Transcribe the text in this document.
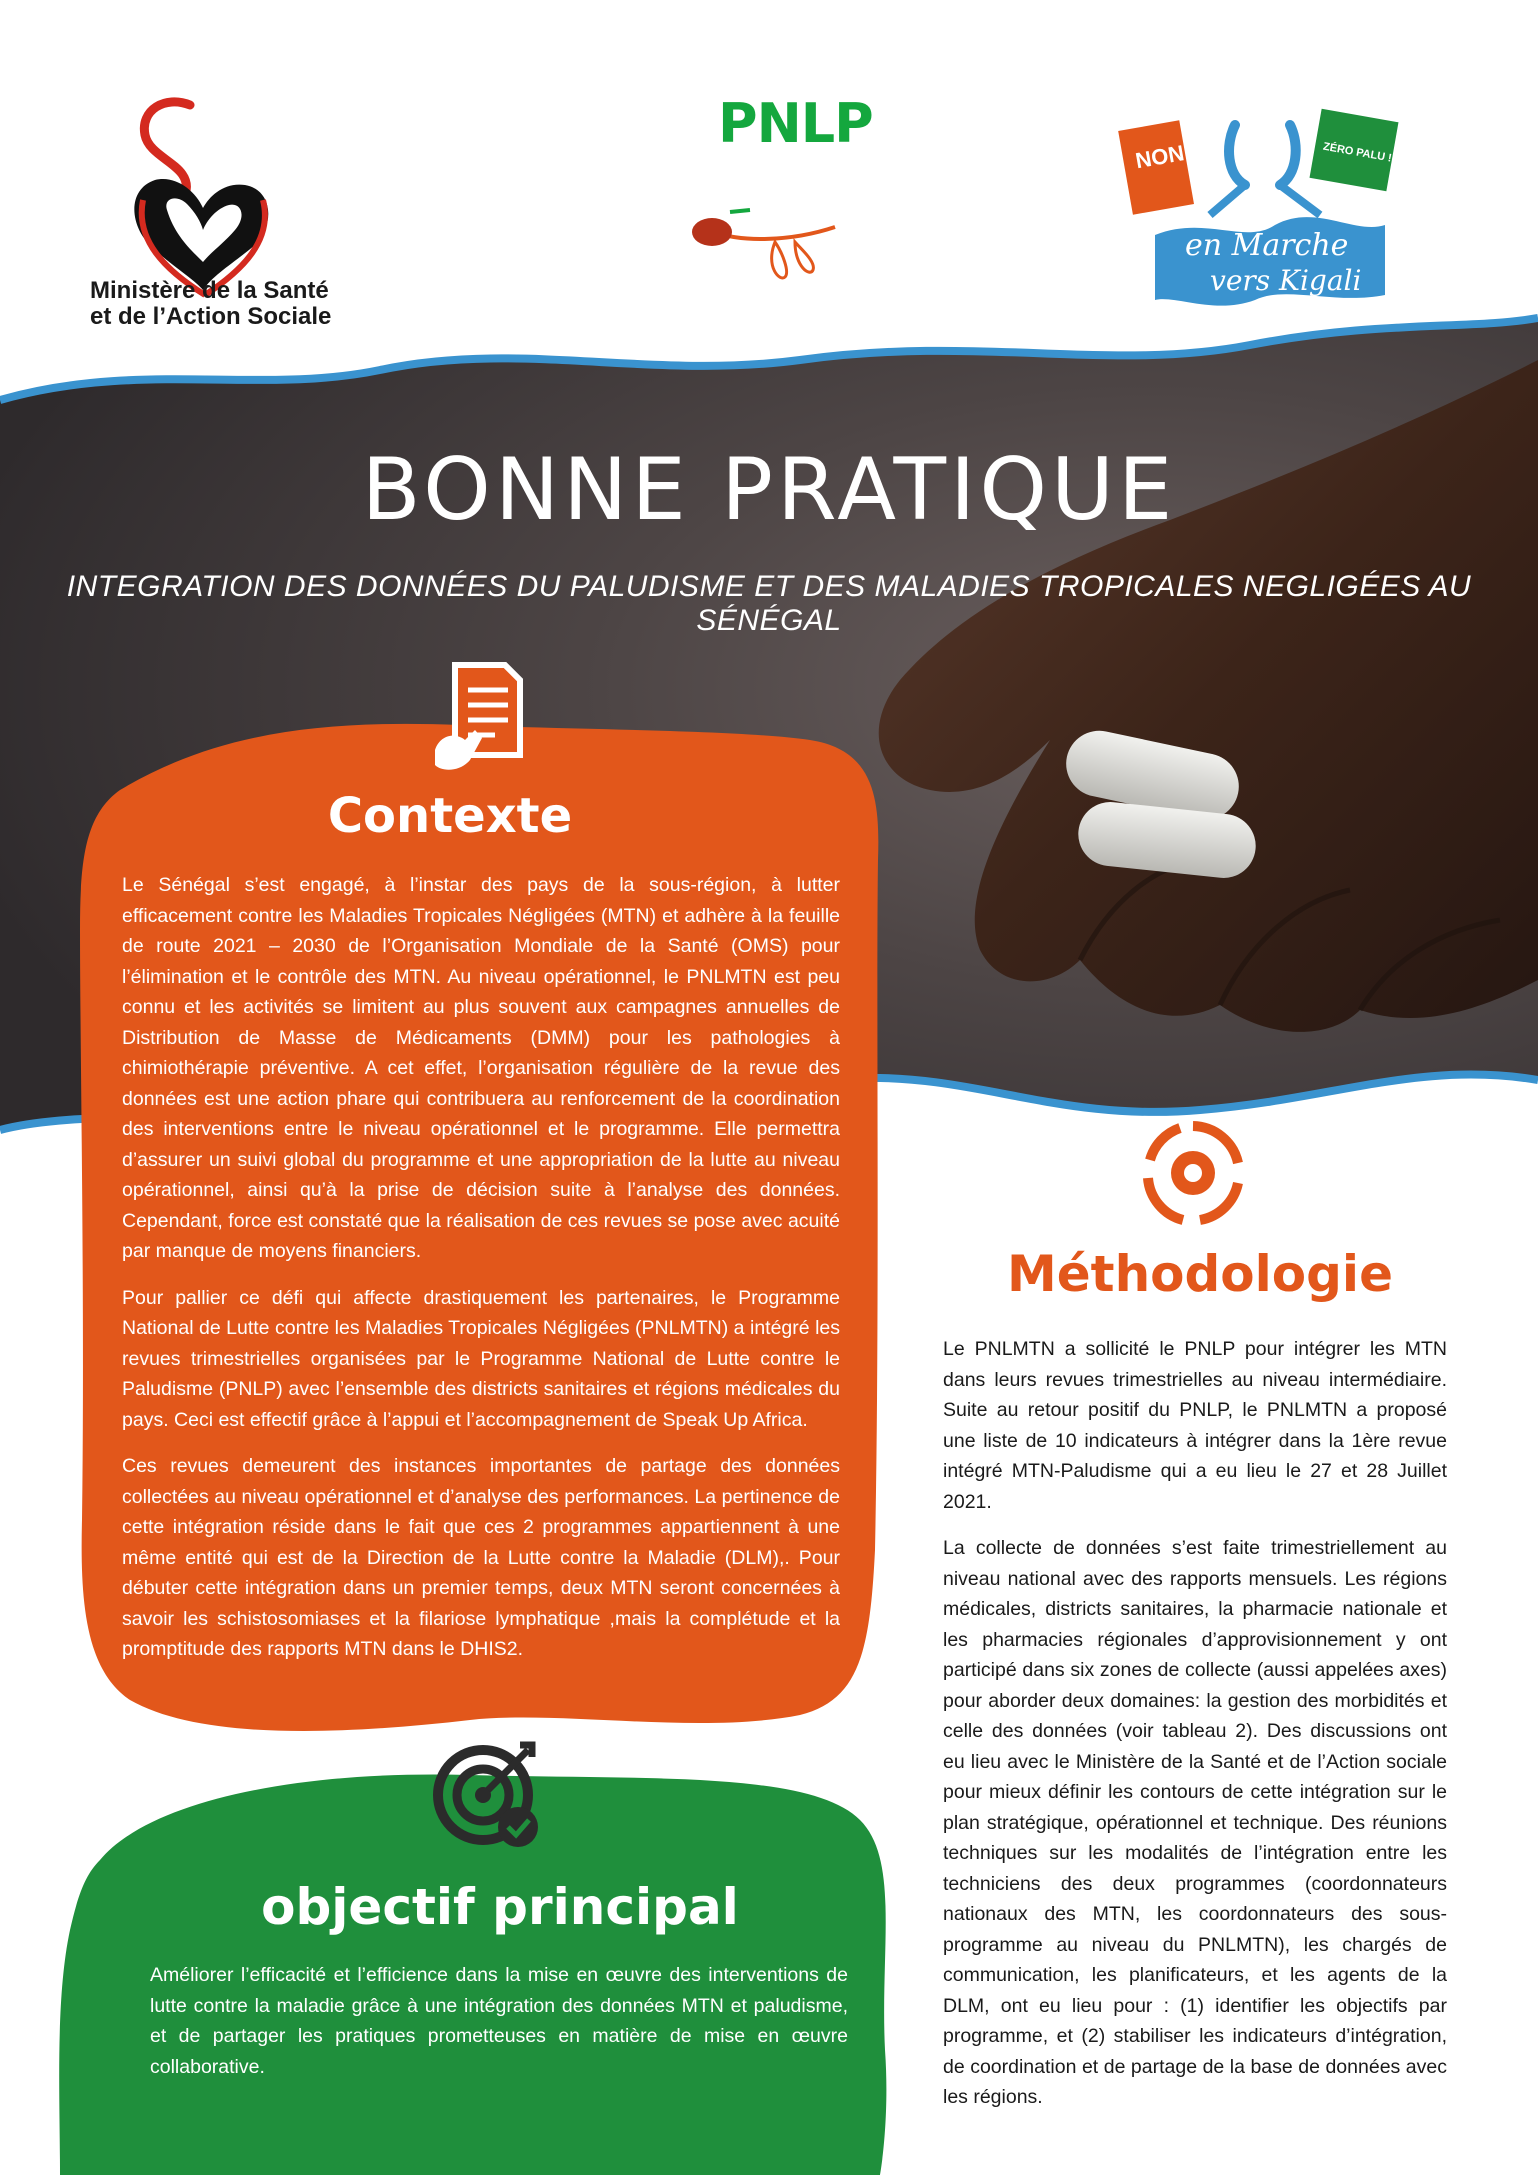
Ministère de la Santé
et de l’Action Sociale
PNLP
NON	ZÉRO PALU !
en Marche
vers Kigali
BONNE PRATIQUE
INTEGRATION DES DONNÉES DU PALUDISME ET DES MALADIES TROPICALES NEGLIGÉES AU SÉNÉGAL
Contexte

Le Sénégal s’est engagé, à l’instar des pays de la sous-région, à lutter efficacement contre les Maladies Tropicales Négligées (MTN) et adhère à la feuille de route 2021 – 2030 de l’Organisation Mondiale de la Santé (OMS) pour l’élimination et le contrôle des MTN. Au niveau opérationnel, le PNLMTN est peu connu et les activités se limitent au plus souvent aux campagnes annuelles de Distribution de Masse de Médicaments (DMM) pour les pathologies à chimiothérapie préventive. A cet effet, l’organisation régulière de la revue des données est une action phare qui contribuera au renforcement de la coordination des interventions entre le niveau opérationnel et le programme. Elle permettra d’assurer un suivi global du programme et une appropriation de la lutte au niveau opérationnel, ainsi qu’à la prise de décision suite à l’analyse des données. Cependant, force est constaté que la réalisation de ces revues se pose avec acuité par manque de moyens financiers.

Pour pallier ce défi qui affecte drastiquement les partenaires, le Programme National de Lutte contre les Maladies Tropicales Négligées (PNLMTN) a intégré les revues trimestrielles organisées par le Programme National de Lutte contre le Paludisme (PNLP) avec l’ensemble des districts sanitaires et régions médicales du pays. Ceci est effectif grâce à l’appui et l’accompagnement de Speak Up Africa.

Ces revues demeurent des instances importantes de partage des données collectées au niveau opérationnel et d’analyse des performances. La pertinence de cette intégration réside dans le fait que ces 2 programmes appartiennent à une même entité qui est de la Direction de la Lutte contre la Maladie (DLM),. Pour débuter cette intégration dans un premier temps, deux MTN seront concernées à savoir les schistosomiases et la filariose lymphatique ,mais la complétude et la promptitude des rapports MTN dans le DHIS2.

Méthodologie

Le PNLMTN a sollicité le PNLP pour intégrer les MTN dans leurs revues trimestrielles au niveau intermédiaire. Suite au retour positif du PNLP, le PNLMTN a proposé une liste de 10 indicateurs à intégrer dans la 1ère revue intégré MTN-Paludisme qui a eu lieu le 27 et 28 Juillet 2021.

La collecte de données s’est faite trimestriellement au niveau national avec des rapports mensuels. Les régions médicales, districts sanitaires, la pharmacie nationale et les pharmacies régionales d’approvisionnement y ont participé dans six zones de collecte (aussi appelées axes) pour aborder deux domaines: la gestion des morbidités et celle des données (voir tableau 2). Des discussions ont eu lieu avec le Ministère de la Santé et de l’Action sociale pour mieux définir les contours de cette intégration sur le plan stratégique, opérationnel et technique. Des réunions techniques sur les modalités de l’intégration entre les techniciens des deux programmes (coordonnateurs nationaux des MTN, les coordonnateurs des sous-programme au niveau du PNLMTN), les chargés de communication, les planificateurs, et les agents de la DLM, ont eu lieu pour : (1) identifier les objectifs par programme, et (2) stabiliser les indicateurs d’intégration, de coordination et de partage de la base de données avec les régions.

objectif principal
Améliorer l’efficacité et l’efficience dans la mise en œuvre des interventions de lutte contre la maladie grâce à une intégration des données MTN et paludisme, et de partager les pratiques prometteuses en matière de mise en œuvre collaborative.
